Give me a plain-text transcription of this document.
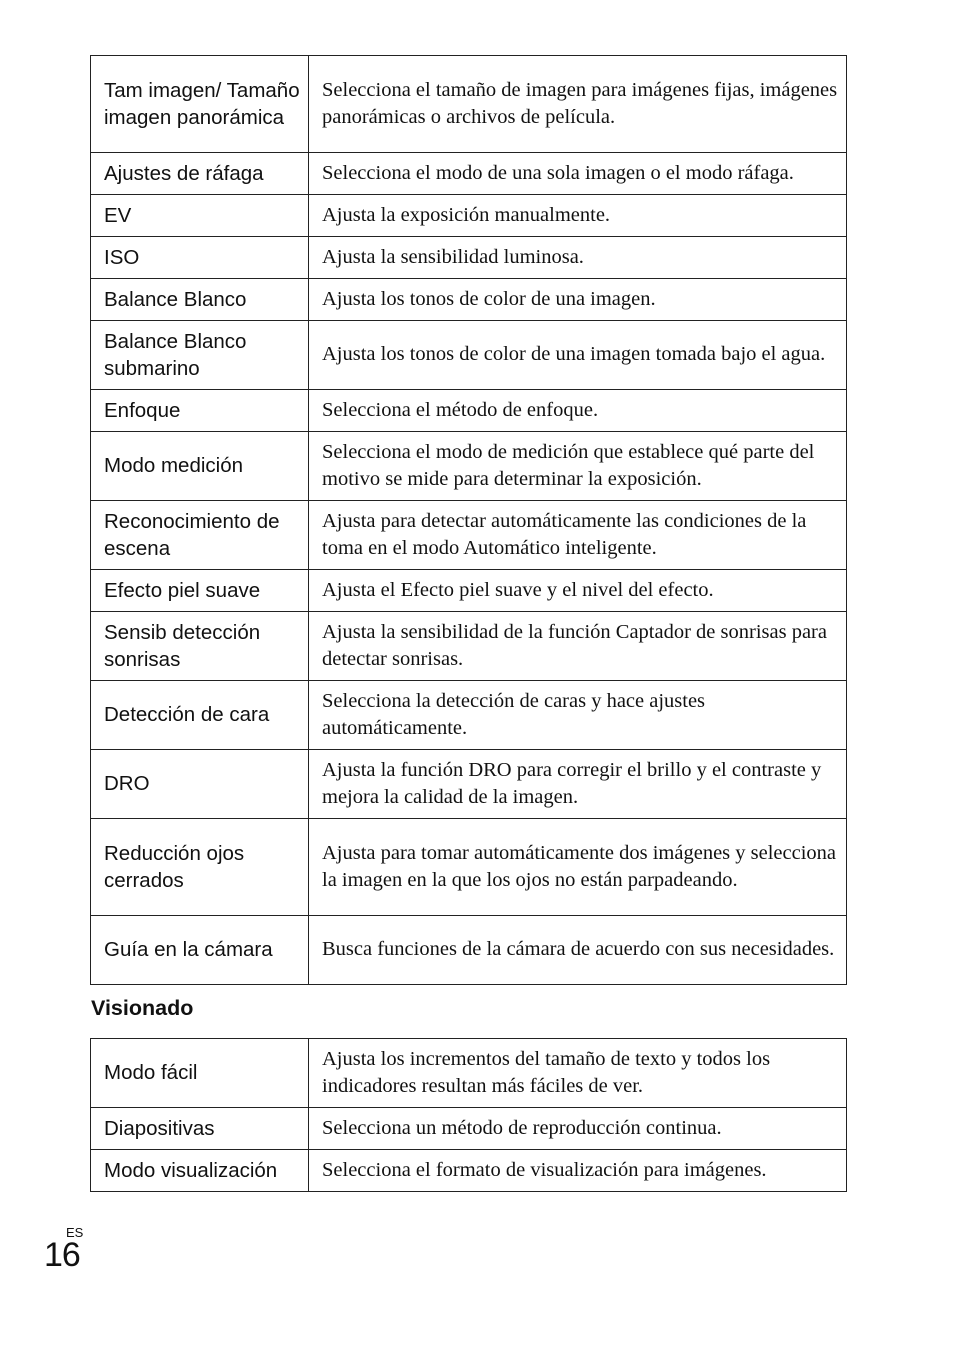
Tam imagen/ Tamaño imagen panorámica	Selecciona el tamaño de imagen para imágenes fijas, imágenes panorámicas o archivos de película.
Ajustes de ráfaga	Selecciona el modo de una sola imagen o el modo ráfaga.
EV	Ajusta la exposición manualmente.
ISO	Ajusta la sensibilidad luminosa.
Balance Blanco	Ajusta los tonos de color de una imagen.
Balance Blanco submarino	Ajusta los tonos de color de una imagen tomada bajo el agua.
Enfoque	Selecciona el método de enfoque.
Modo medición	Selecciona el modo de medición que establece qué parte del motivo se mide para determinar la exposición.
Reconocimiento de escena	Ajusta para detectar automáticamente las condiciones de la toma en el modo Automático inteligente.
Efecto piel suave	Ajusta el Efecto piel suave y el nivel del efecto.
Sensib detección sonrisas	Ajusta la sensibilidad de la función Captador de sonrisas para detectar sonrisas.
Detección de cara	Selecciona la detección de caras y hace ajustes automáticamente.
DRO	Ajusta la función DRO para corregir el brillo y el contraste y mejora la calidad de la imagen.
Reducción ojos cerrados	Ajusta para tomar automáticamente dos imágenes y selecciona la imagen en la que los ojos no están parpadeando.
Guía en la cámara	Busca funciones de la cámara de acuerdo con sus necesidades.
Visionado
Modo fácil	Ajusta los incrementos del tamaño de texto y todos los indicadores resultan más fáciles de ver.
Diapositivas	Selecciona un método de reproducción continua.
Modo visualización	Selecciona el formato de visualización para imágenes.
ES
16
